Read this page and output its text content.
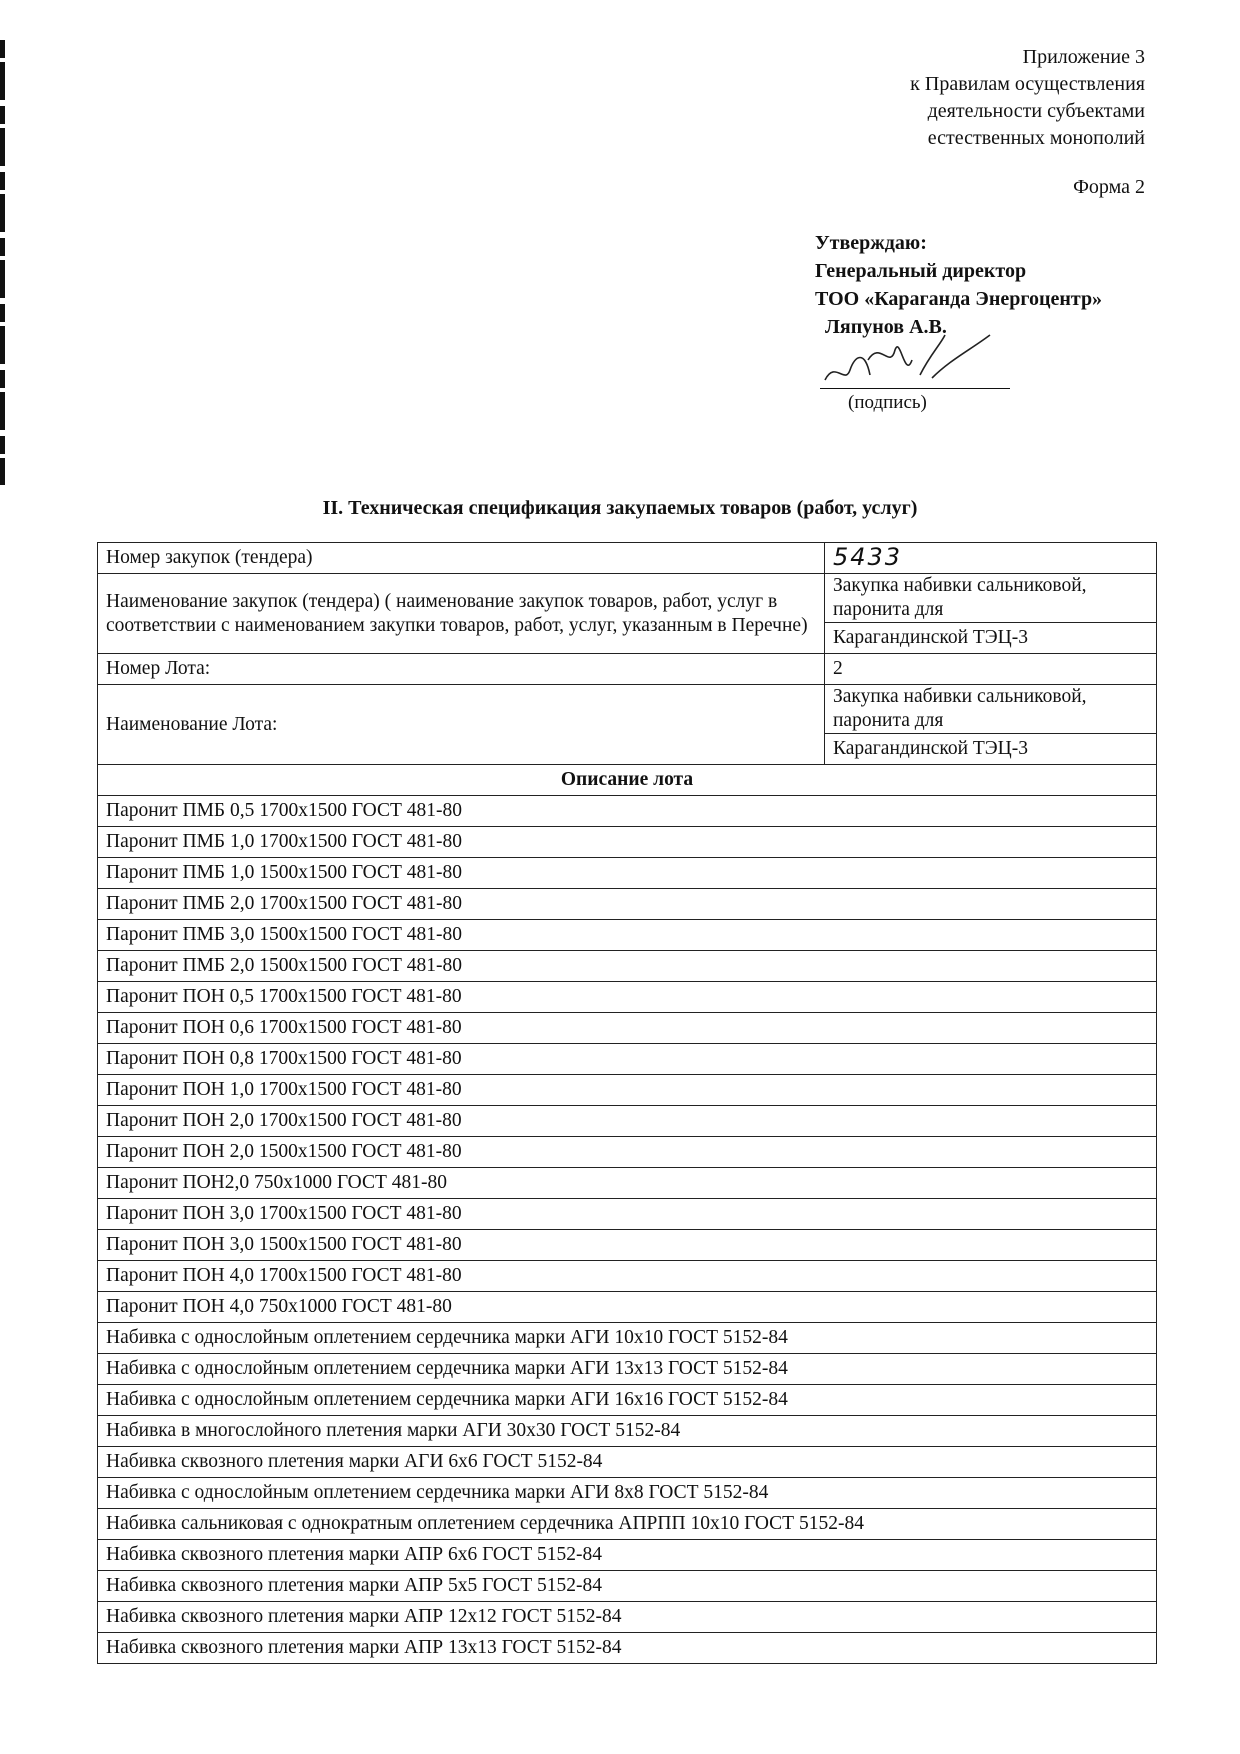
Приложение 3
к Правилам осуществления
деятельности субъектами
естественных монополий
Форма 2
Утверждаю:
Генеральный директор
ТОО «Караганда Энергоцентр»
Ляпунов А.В.
(подпись)
II. Техническая спецификация закупаемых товаров (работ, услуг)
Номер закупок (тендера)	5433
Наименование закупок (тендера) ( наименование закупок товаров, работ, услуг в соответствии с наименованием закупки товаров, работ, услуг, указанным в Перечне)	Закупка набивки сальниковой, паронита для
	Карагандинской ТЭЦ-3
Номер Лота:	2
Наименование Лота:	Закупка набивки сальниковой, паронита для
	Карагандинской ТЭЦ-3
Описание лота	
Паронит ПМБ 0,5 1700х1500 ГОСТ 481-80	
Паронит ПМБ 1,0 1700х1500 ГОСТ 481-80	
Паронит ПМБ 1,0 1500х1500 ГОСТ 481-80	
Паронит ПМБ 2,0 1700х1500 ГОСТ 481-80	
Паронит ПМБ 3,0 1500х1500 ГОСТ 481-80	
Паронит ПМБ 2,0 1500х1500 ГОСТ 481-80	
Паронит ПОН 0,5 1700х1500 ГОСТ 481-80	
Паронит ПОН 0,6 1700х1500 ГОСТ 481-80	
Паронит ПОН 0,8 1700х1500 ГОСТ 481-80	
Паронит ПОН 1,0 1700х1500 ГОСТ 481-80	
Паронит ПОН 2,0 1700х1500 ГОСТ 481-80	
Паронит ПОН 2,0 1500х1500 ГОСТ 481-80	
Паронит ПОН2,0 750х1000 ГОСТ 481-80	
Паронит ПОН 3,0 1700х1500 ГОСТ 481-80	
Паронит ПОН 3,0 1500х1500 ГОСТ 481-80	
Паронит ПОН 4,0 1700х1500 ГОСТ 481-80	
Паронит ПОН 4,0 750х1000 ГОСТ 481-80	
Набивка с однослойным оплетением сердечника марки АГИ 10х10 ГОСТ 5152-84	
Набивка с однослойным оплетением сердечника марки АГИ 13х13 ГОСТ 5152-84	
Набивка с однослойным оплетением сердечника марки АГИ 16х16 ГОСТ 5152-84	
Набивка в многослойного плетения марки АГИ 30х30 ГОСТ 5152-84	
Набивка сквозного плетения марки АГИ 6х6 ГОСТ 5152-84	
Набивка с однослойным оплетением сердечника марки АГИ 8х8 ГОСТ 5152-84	
Набивка сальниковая с однократным оплетением сердечника АПРПП 10х10 ГОСТ 5152-84	
Набивка сквозного плетения марки АПР 6х6 ГОСТ 5152-84	
Набивка сквозного плетения марки АПР 5х5 ГОСТ 5152-84	
Набивка сквозного плетения марки АПР 12х12 ГОСТ 5152-84	
Набивка сквозного плетения марки АПР 13х13 ГОСТ 5152-84	
